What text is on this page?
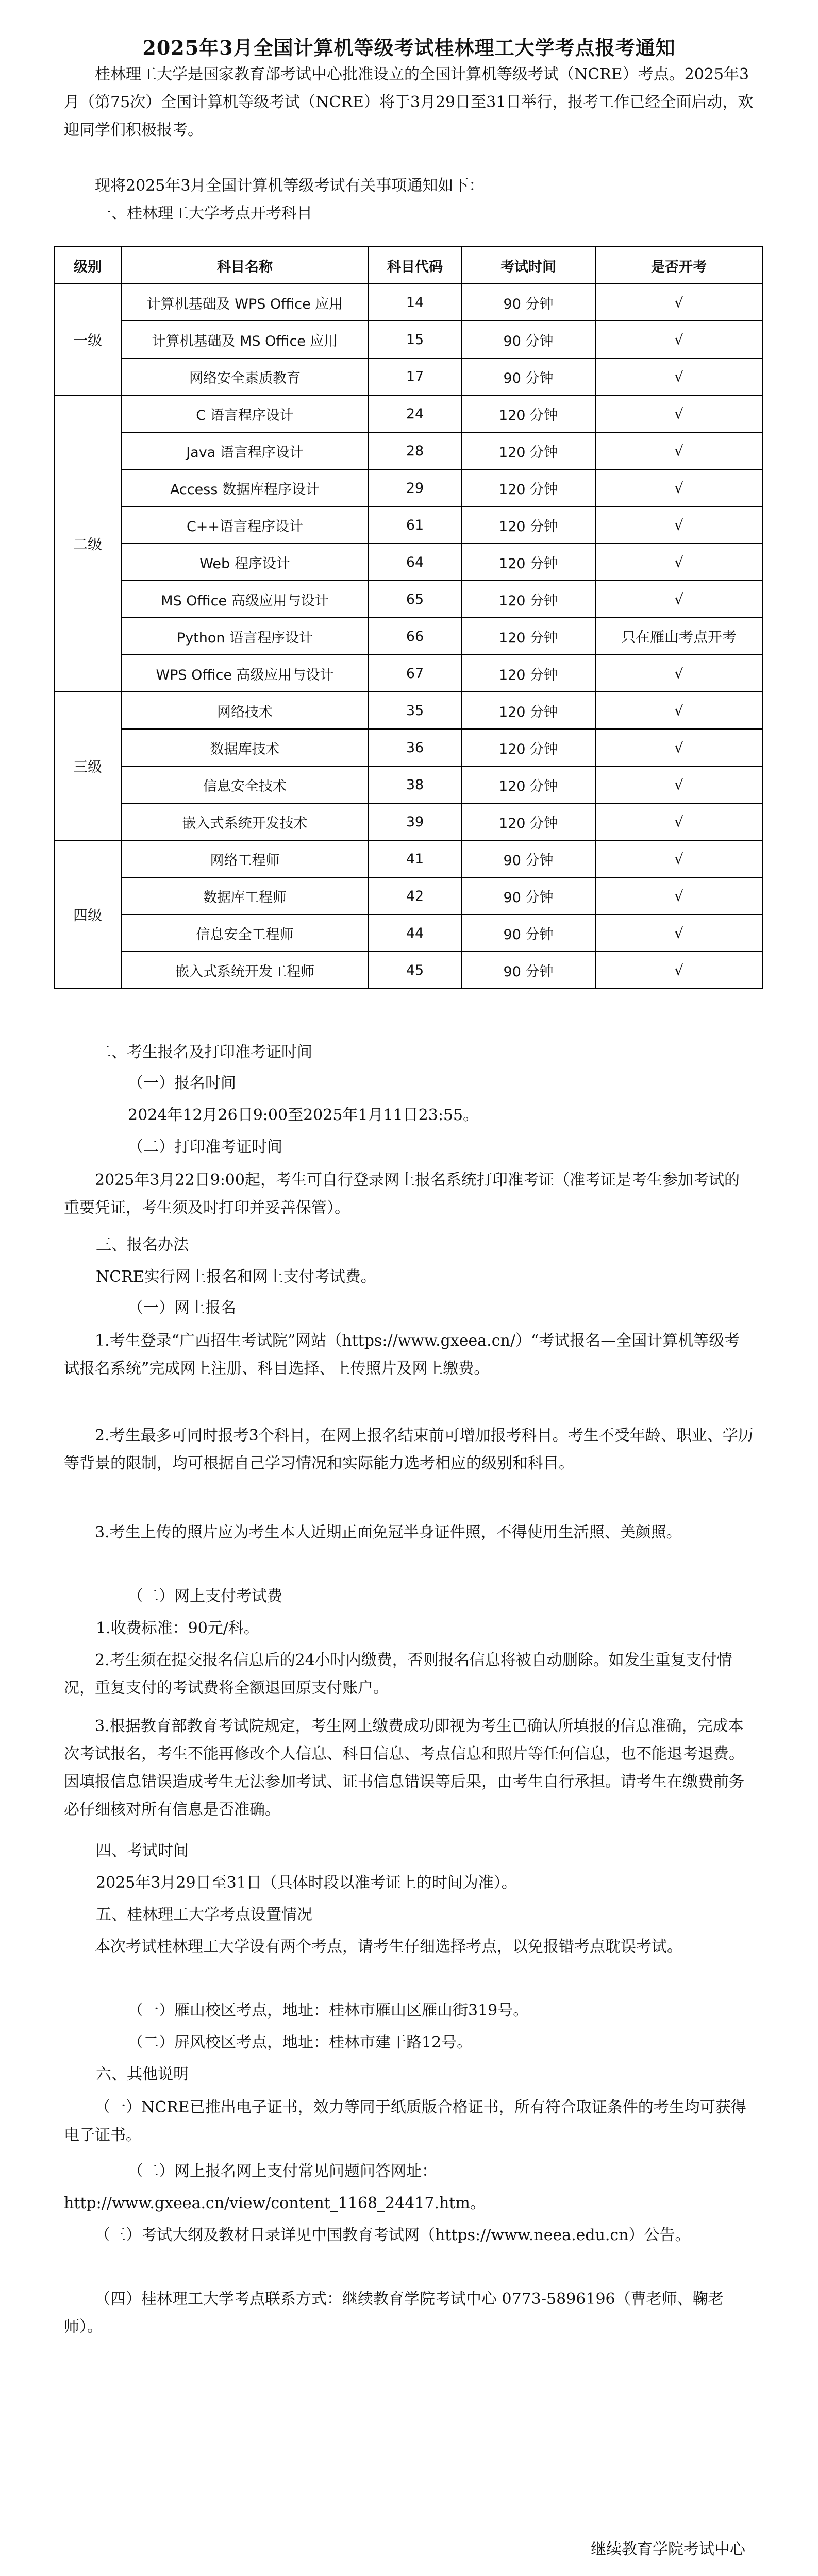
2025年3月全国计算机等级考试桂林理工大学考点报考通知

桂林理工大学是国家教育部考试中心批准设立的全国计算机等级考试（NCRE）考点。2025年3月（第75次）全国计算机等级考试（NCRE）将于3月29日至31日举行，报考工作已经全面启动，欢迎同学们积极报考。

现将2025年3月全国计算机等级考试有关事项通知如下：

一、桂林理工大学考点开考科目

级别	科目名称	科目代码	考试时间	是否开考
一级	计算机基础及 WPS Office 应用	14	90 分钟	√
	计算机基础及 MS Office 应用	15	90 分钟	√
	网络安全素质教育	17	90 分钟	√
二级	C 语言程序设计	24	120 分钟	√
	Java 语言程序设计	28	120 分钟	√
	Access 数据库程序设计	29	120 分钟	√
	C++语言程序设计	61	120 分钟	√
	Web 程序设计	64	120 分钟	√
	MS Office 高级应用与设计	65	120 分钟	√
	Python 语言程序设计	66	120 分钟	只在雁山考点开考
	WPS Office 高级应用与设计	67	120 分钟	√
三级	网络技术	35	120 分钟	√
	数据库技术	36	120 分钟	√
	信息安全技术	38	120 分钟	√
	嵌入式系统开发技术	39	120 分钟	√
四级	网络工程师	41	90 分钟	√
	数据库工程师	42	90 分钟	√
	信息安全工程师	44	90 分钟	√
	嵌入式系统开发工程师	45	90 分钟	√

二、考生报名及打印准考证时间

（一）报名时间

2024年12月26日9:00至2025年1月11日23:55。

（二）打印准考证时间

2025年3月22日9:00起，考生可自行登录网上报名系统打印准考证（准考证是考生参加考试的重要凭证，考生须及时打印并妥善保管）。

三、报名办法

NCRE实行网上报名和网上支付考试费。

（一）网上报名

1.考生登录“广西招生考试院”网站（https://www.gxeea.cn/）“考试报名—全国计算机等级考试报名系统”完成网上注册、科目选择、上传照片及网上缴费。

2.考生最多可同时报考3个科目，在网上报名结束前可增加报考科目。考生不受年龄、职业、学历等背景的限制，均可根据自己学习情况和实际能力选考相应的级别和科目。

3.考生上传的照片应为考生本人近期正面免冠半身证件照，不得使用生活照、美颜照。

（二）网上支付考试费

1.收费标准：90元/科。

2.考生须在提交报名信息后的24小时内缴费，否则报名信息将被自动删除。如发生重复支付情况，重复支付的考试费将全额退回原支付账户。

3.根据教育部教育考试院规定，考生网上缴费成功即视为考生已确认所填报的信息准确，完成本次考试报名，考生不能再修改个人信息、科目信息、考点信息和照片等任何信息，也不能退考退费。因填报信息错误造成考生无法参加考试、证书信息错误等后果，由考生自行承担。请考生在缴费前务必仔细核对所有信息是否准确。

四、考试时间

2025年3月29日至31日（具体时段以准考证上的时间为准）。

五、桂林理工大学考点设置情况

本次考试桂林理工大学设有两个考点，请考生仔细选择考点，以免报错考点耽误考试。

（一）雁山校区考点，地址：桂林市雁山区雁山街319号。

（二）屏风校区考点，地址：桂林市建干路12号。

六、其他说明

（一）NCRE已推出电子证书，效力等同于纸质版合格证书，所有符合取证条件的考生均可获得电子证书。

（二）网上报名网上支付常见问题问答网址：

http://www.gxeea.cn/view/content_1168_24417.htm。

（三）考试大纲及教材目录详见中国教育考试网（https://www.neea.edu.cn）公告。

（四）桂林理工大学考点联系方式：继续教育学院考试中心 0773-5896196（曹老师、鞠老师）。

继续教育学院考试中心
